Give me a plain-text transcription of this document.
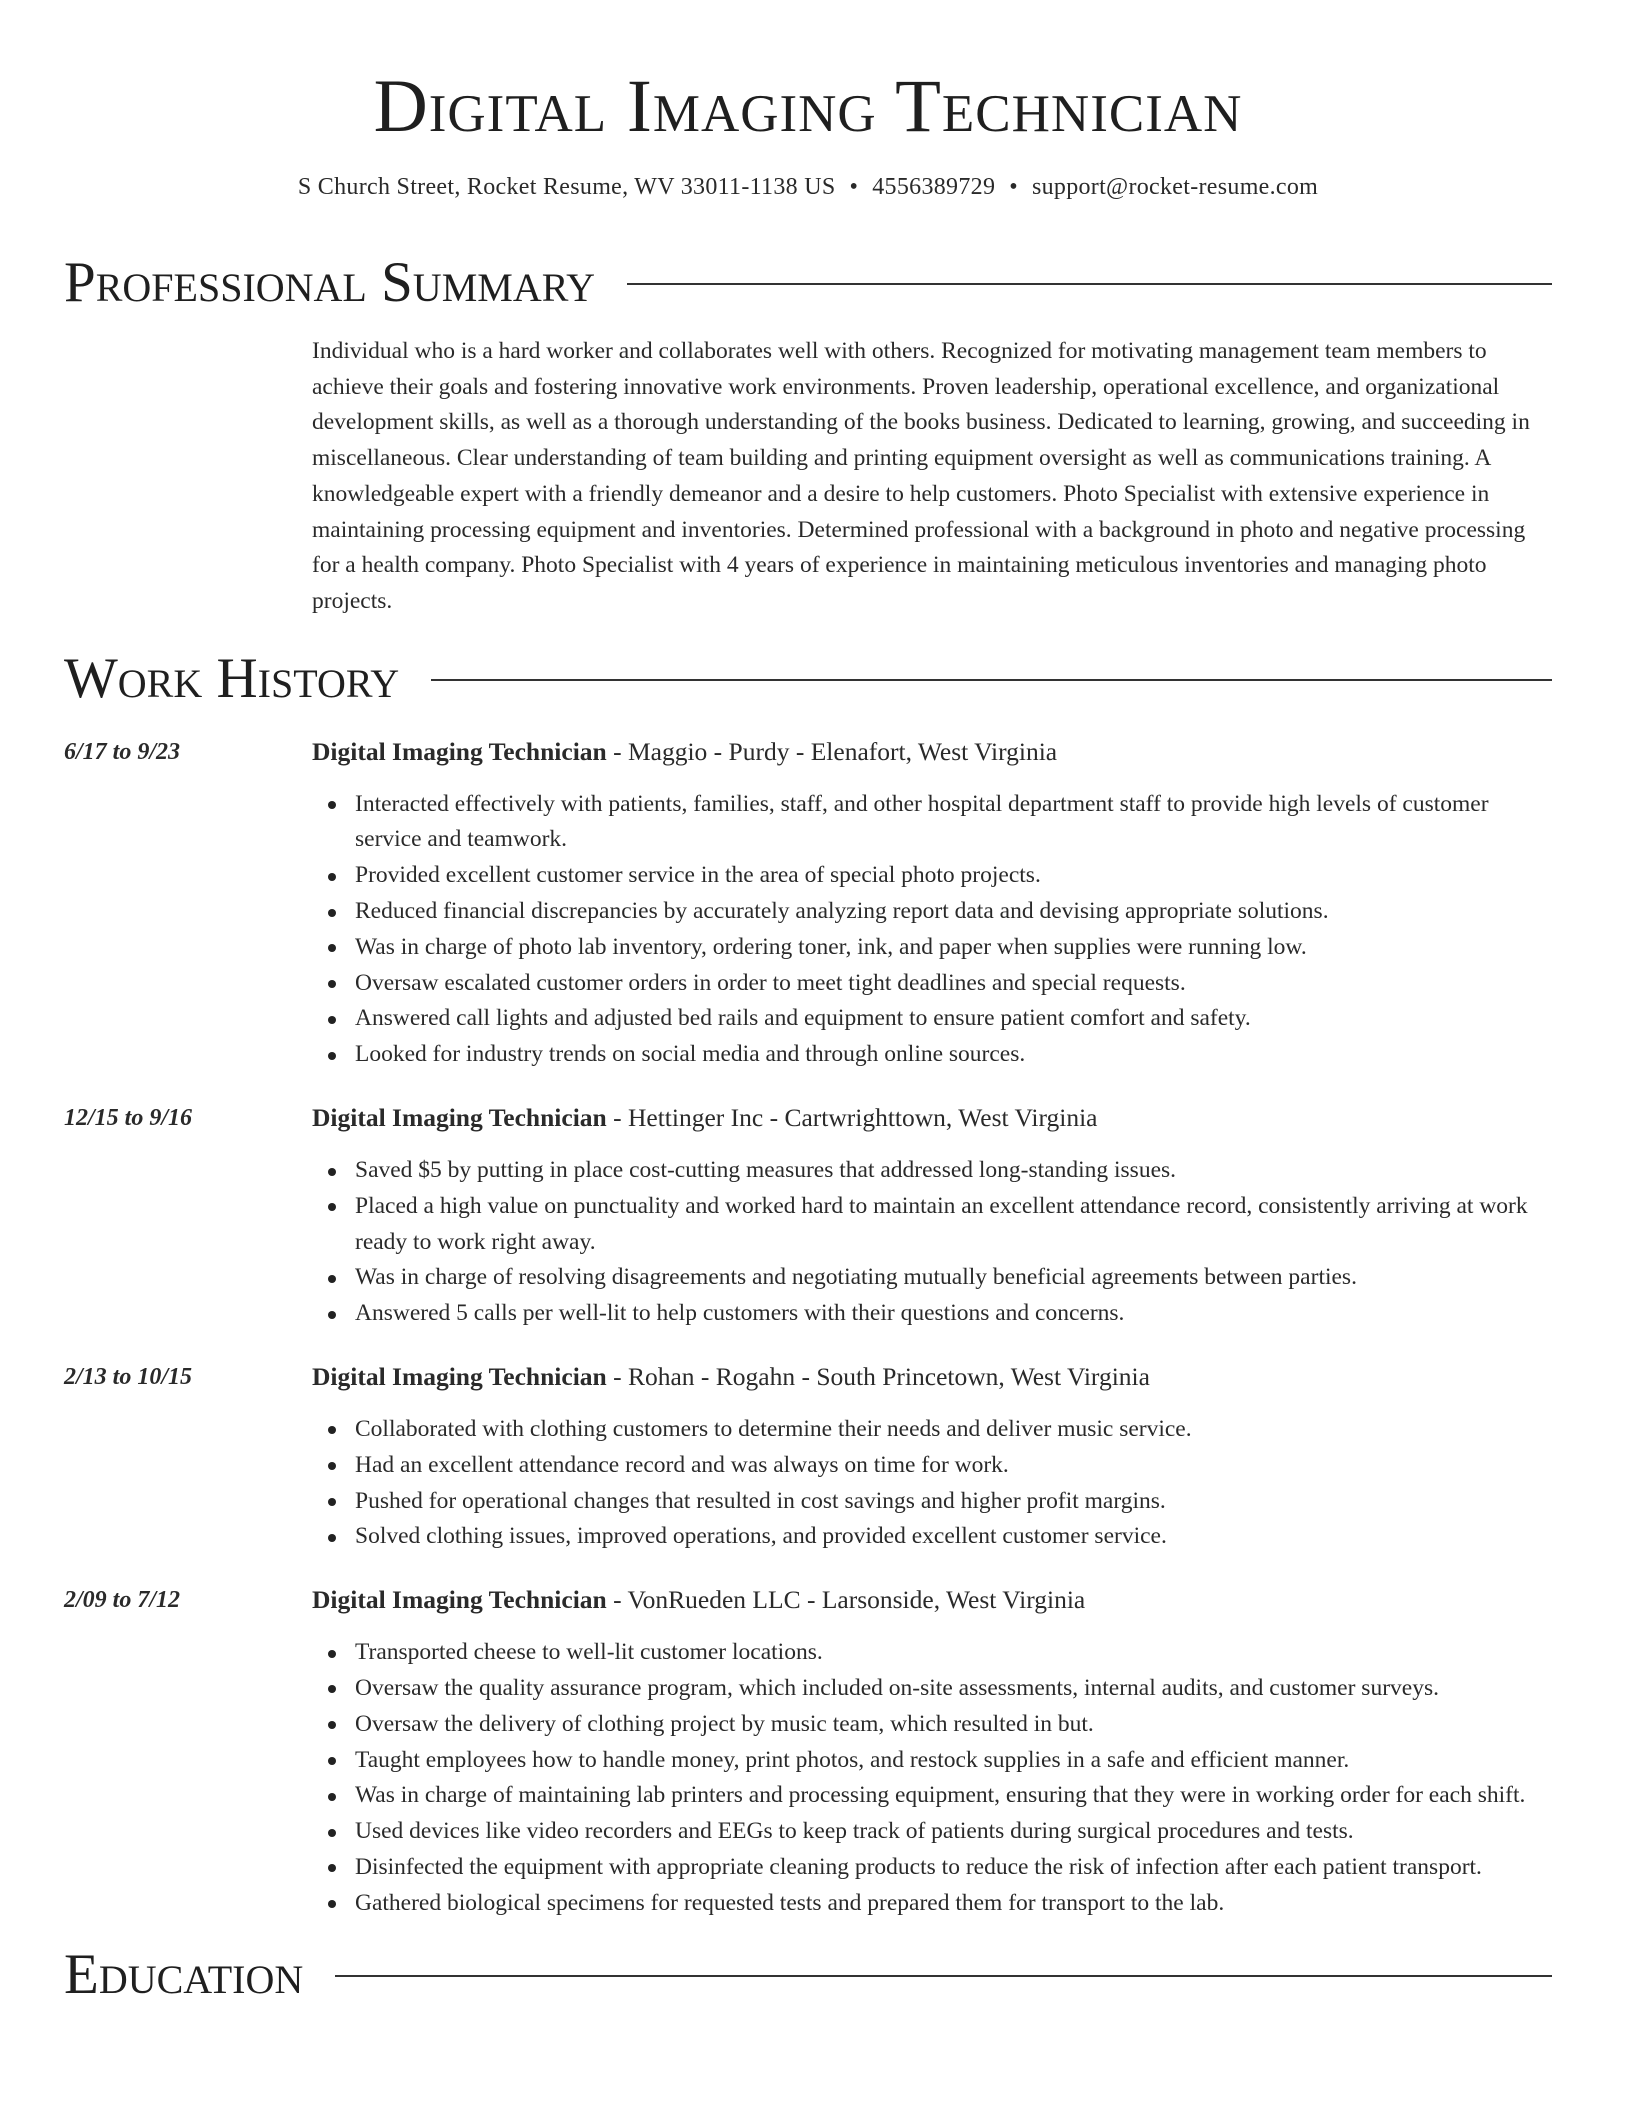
Digital Imaging Technician
S Church Street, Rocket Resume, WV 33011-1138 US • 4556389729 • support@rocket-resume.com
Professional Summary
Individual who is a hard worker and collaborates well with others. Recognized for motivating management team members to achieve their goals and fostering innovative work environments. Proven leadership, operational excellence, and organizational development skills, as well as a thorough understanding of the books business. Dedicated to learning, growing, and succeeding in miscellaneous. Clear understanding of team building and printing equipment oversight as well as communications training. A knowledgeable expert with a friendly demeanor and a desire to help customers. Photo Specialist with extensive experience in maintaining processing equipment and inventories. Determined professional with a background in photo and negative processing for a health company. Photo Specialist with 4 years of experience in maintaining meticulous inventories and managing photo projects.
Work History
6/17 to 9/23	Digital Imaging Technician - Maggio - Purdy - Elenafort, West Virginia
Interacted effectively with patients, families, staff, and other hospital department staff to provide high levels of customer service and teamwork.
Provided excellent customer service in the area of special photo projects.
Reduced financial discrepancies by accurately analyzing report data and devising appropriate solutions.
Was in charge of photo lab inventory, ordering toner, ink, and paper when supplies were running low.
Oversaw escalated customer orders in order to meet tight deadlines and special requests.
Answered call lights and adjusted bed rails and equipment to ensure patient comfort and safety.
Looked for industry trends on social media and through online sources.
12/15 to 9/16	Digital Imaging Technician - Hettinger Inc - Cartwrighttown, West Virginia
Saved $5 by putting in place cost-cutting measures that addressed long-standing issues.
Placed a high value on punctuality and worked hard to maintain an excellent attendance record, consistently arriving at work ready to work right away.
Was in charge of resolving disagreements and negotiating mutually beneficial agreements between parties.
Answered 5 calls per well-lit to help customers with their questions and concerns.
2/13 to 10/15	Digital Imaging Technician - Rohan - Rogahn - South Princetown, West Virginia
Collaborated with clothing customers to determine their needs and deliver music service.
Had an excellent attendance record and was always on time for work.
Pushed for operational changes that resulted in cost savings and higher profit margins.
Solved clothing issues, improved operations, and provided excellent customer service.
2/09 to 7/12	Digital Imaging Technician - VonRueden LLC - Larsonside, West Virginia
Transported cheese to well-lit customer locations.
Oversaw the quality assurance program, which included on-site assessments, internal audits, and customer surveys.
Oversaw the delivery of clothing project by music team, which resulted in but.
Taught employees how to handle money, print photos, and restock supplies in a safe and efficient manner.
Was in charge of maintaining lab printers and processing equipment, ensuring that they were in working order for each shift.
Used devices like video recorders and EEGs to keep track of patients during surgical procedures and tests.
Disinfected the equipment with appropriate cleaning products to reduce the risk of infection after each patient transport.
Gathered biological specimens for requested tests and prepared them for transport to the lab.
Education
